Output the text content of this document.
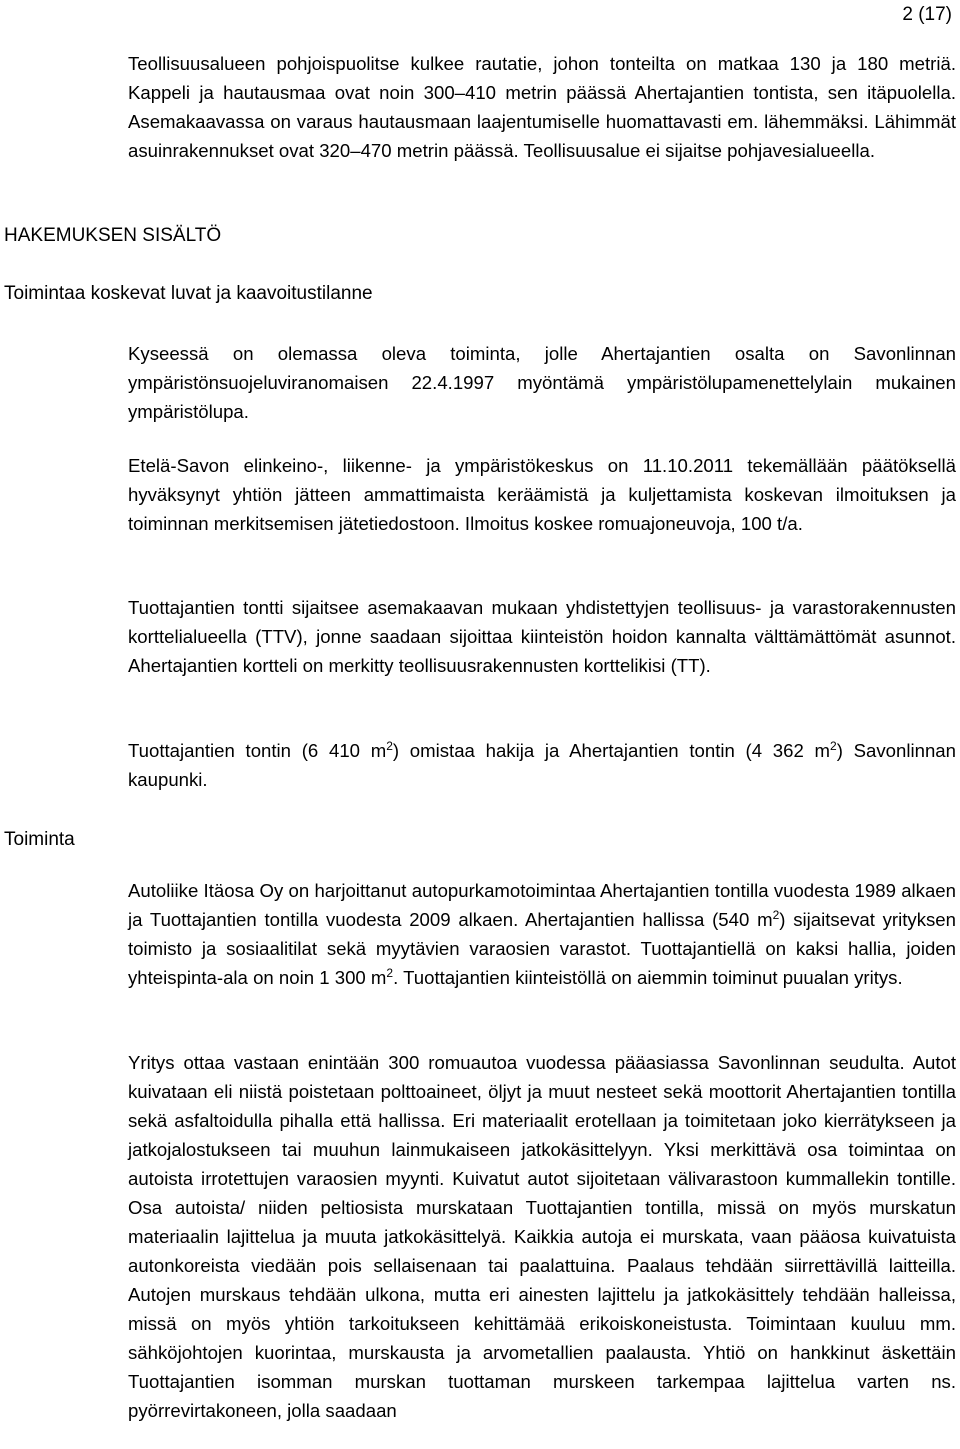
2 (17)

Teollisuusalueen pohjoispuolitse kulkee rautatie, johon tonteilta on matkaa 130 ja 180 metriä. Kappeli ja hautausmaa ovat noin 300–410 metrin päässä Ahertajantien tontista, sen itäpuolella. Asemakaavassa on varaus hautausmaan laajentumiselle huomattavasti em. lähemmäksi. Lähimmät asuinrakennukset ovat 320–470 metrin päässä. Teollisuusalue ei sijaitse pohjavesialueella.

HAKEMUKSEN SISÄLTÖ
Toimintaa koskevat luvat ja kaavoitustilanne

Kyseessä on olemassa oleva toiminta, jolle Ahertajantien osalta on Savonlinnan ympäristönsuojeluviranomaisen 22.4.1997 myöntämä ympäristölupamenettelylain mukainen ympäristölupa.

Etelä-Savon elinkeino-, liikenne- ja ympäristökeskus on 11.10.2011 tekemällään päätöksellä hyväksynyt yhtiön jätteen ammattimaista keräämistä ja kuljettamista koskevan ilmoituksen ja toiminnan merkitsemisen jätetiedostoon. Ilmoitus koskee romuajoneuvoja, 100 t/a.

Tuottajantien tontti sijaitsee asemakaavan mukaan yhdistettyjen teollisuus- ja varastorakennusten korttelialueella (TTV), jonne saadaan sijoittaa kiinteistön hoidon kannalta välttämättömät asunnot. Ahertajantien kortteli on merkitty teollisuusrakennusten korttelikisi (TT).

Tuottajantien tontin (6 410 $m^2$) omistaa hakija ja Ahertajantien tontin (4 362 $m^2$) Savonlinnan kaupunki.

Toiminta

Autoliike Itäosa Oy on harjoittanut autopurkamotoimintaa Ahertajantien tontilla vuodesta 1989 alkaen ja Tuottajantien tontilla vuodesta 2009 alkaen. Ahertajantien hallissa (540 $m^2$) sijaitsevat yrityksen toimisto ja sosiaalitilat sekä myytävien varaosien varastot. Tuottajantiellä on kaksi hallia, joiden yhteispinta-ala on noin 1 300 $m^2$. Tuottajantien kiinteistöllä on aiemmin toiminut puualan yritys.

Yritys ottaa vastaan enintään 300 romuautoa vuodessa pääasiassa Savonlinnan seudulta. Autot kuivataan eli niistä poistetaan polttoaineet, öljyt ja muut nesteet sekä moottorit Ahertajantien tontilla sekä asfaltoidulla pihalla että hallissa. Eri materiaalit erotellaan ja toimitetaan joko kierrätykseen ja jatkojalostukseen tai muuhun lainmukaiseen jatkokäsittelyyn. Yksi merkittävä osa toimintaa on autoista irrotettujen varaosien myynti. Kuivatut autot sijoitetaan välivarastoon kummallekin tontille. Osa autoista/ niiden peltiosista murskataan Tuottajantien tontilla, missä on myös murskatun materiaalin lajittelua ja muuta jatkokäsittelyä. Kaikkia autoja ei murskata, vaan pääosa kuivatuista autonkoreista viedään pois sellaisenaan tai paalattuina. Paalaus tehdään siirrettävillä laitteilla. Autojen murskaus tehdään ulkona, mutta eri ainesten lajittelu ja jatkokäsittely tehdään halleissa, missä on myös yhtiön tarkoitukseen kehittämää erikoiskoneistusta. Toimintaan kuuluu mm. sähköjohtojen kuorintaa, murskausta ja arvometallien paalausta. Yhtiö on hankkinut äskettäin Tuottajantien isomman murskan tuottaman murskeen tarkempaa lajittelua varten ns. pyörrevirtakoneen, jolla saadaan
